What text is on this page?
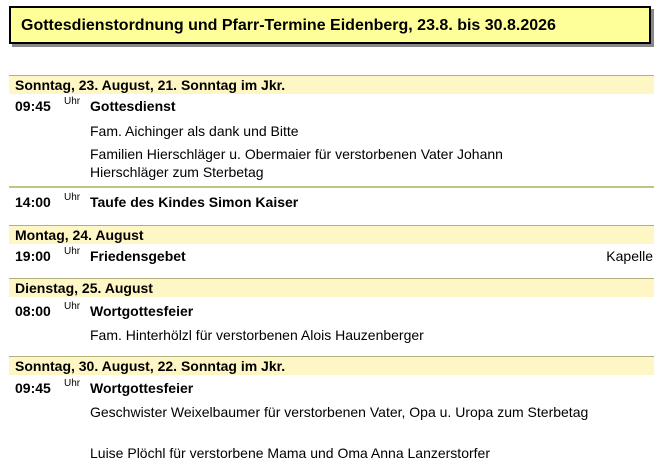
Gottesdienstordnung und Pfarr-Termine Eidenberg, 23.8. bis 30.8.2026
Sonntag, 23. August, 21. Sonntag im Jkr.
09:45 Uhr Gottesdienst
Fam. Aichinger als dank und Bitte
Familien Hierschläger u. Obermaier für verstorbenen Vater Johann Hierschläger zum Sterbetag
14:00 Uhr Taufe des Kindes Simon Kaiser
Montag, 24. August
19:00 Uhr Friedensgebet	Kapelle
Dienstag, 25. August
08:00 Uhr Wortgottesfeier
Fam. Hinterhölzl für verstorbenen Alois Hauzenberger
Sonntag, 30. August, 22. Sonntag im Jkr.
09:45 Uhr Wortgottesfeier
Geschwister Weixelbaumer für verstorbenen Vater, Opa u. Uropa zum Sterbetag
Luise Plöchl für verstorbene Mama und Oma Anna Lanzerstorfer
